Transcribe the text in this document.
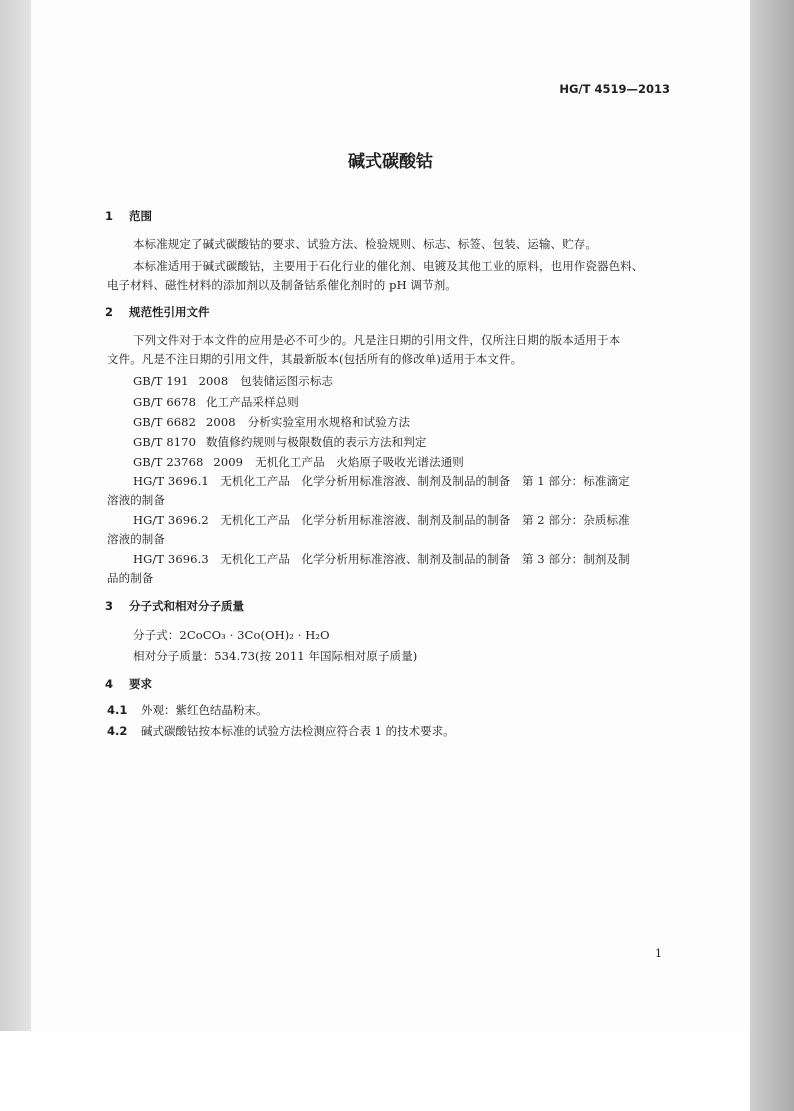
HG/T 4519—2013
碱式碳酸钴
1 范围
本标准规定了碱式碳酸钴的要求、试验方法、检验规则、标志、标签、包装、运输、贮存。
本标准适用于碱式碳酸钴，主要用于石化行业的催化剂、电镀及其他工业的原料，也用作瓷器色料、
电子材料、磁性材料的添加剂以及制备钴系催化剂时的 pH 调节剂。
2 规范性引用文件
下列文件对于本文件的应用是必不可少的。凡是注日期的引用文件，仅所注日期的版本适用于本
文件。凡是不注日期的引用文件，其最新版本(包括所有的修改单)适用于本文件。
GB/T 191 2008 包装储运图示标志
GB/T 6678 化工产品采样总则
GB/T 6682 2008 分析实验室用水规格和试验方法
GB/T 8170 数值修约规则与极限数值的表示方法和判定
GB/T 23768 2009 无机化工产品　火焰原子吸收光谱法通则
HG/T 3696.1　无机化工产品　化学分析用标准溶液、制剂及制品的制备　第 1 部分：标准滴定
溶液的制备
HG/T 3696.2　无机化工产品　化学分析用标准溶液、制剂及制品的制备　第 2 部分：杂质标准
溶液的制备
HG/T 3696.3　无机化工产品　化学分析用标准溶液、制剂及制品的制备　第 3 部分：制剂及制
品的制备
3 分子式和相对分子质量
分子式：2CoCO₃ · 3Co(OH)₂ · H₂O
相对分子质量：534.73(按 2011 年国际相对原子质量)
4 要求
4.1 外观：紫红色结晶粉末。
4.2 碱式碳酸钴按本标准的试验方法检测应符合表 1 的技术要求。
1
